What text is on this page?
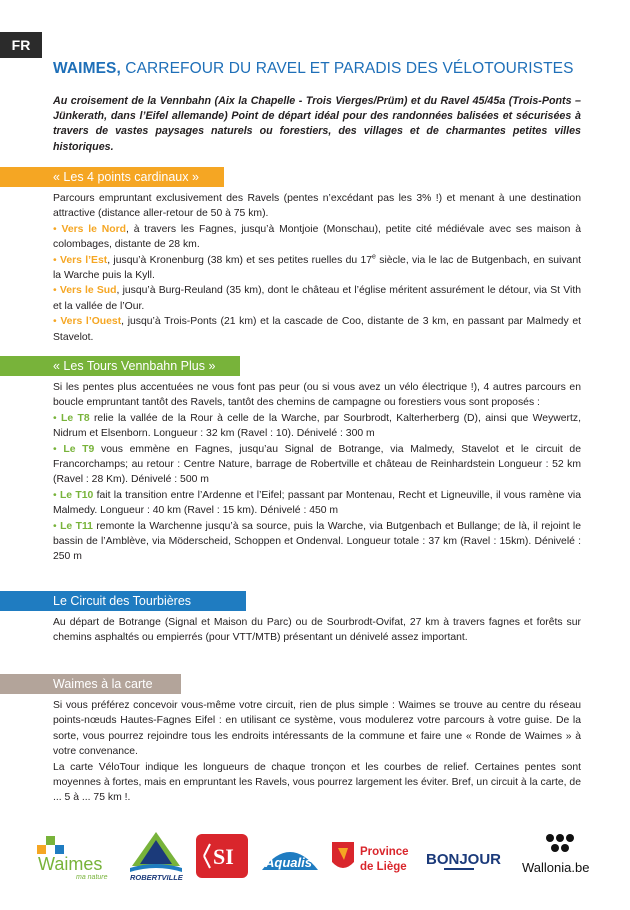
FR
WAIMES, CARREFOUR DU RAVEL ET PARADIS DES VÉLOTOURISTES
Au croisement de la Vennbahn (Aix la Chapelle - Trois Vierges/Prüm) et du Ravel 45/45a (Trois-Ponts – Jünkerath, dans l’Eifel allemande) Point de départ idéal pour des randonnées balisées et sécurisées à travers de vastes paysages naturels ou forestiers, des villages et de charmantes petites villes historiques.
« Les 4 points cardinaux »

Parcours empruntant exclusivement des Ravels (pentes n’excédant pas les 3% !) et menant à une destination attractive (distance aller-retour de 50 à 75 km).

• Vers le Nord, à travers les Fagnes, jusqu’à Montjoie (Monschau), petite cité médiévale avec ses maison à colombages, distante de 28 km.

• Vers l’Est, jusqu’à Kronenburg (38 km) et ses petites ruelles du 17e siècle, via le lac de Butgenbach, en suivant la Warche puis la Kyll.

• Vers le Sud, jusqu’à Burg-Reuland (35 km), dont le château et l’église méritent assurément le détour, via St Vith et la vallée de l’Our.

• Vers l’Ouest, jusqu’à Trois-Ponts (21 km) et la cascade de Coo, distante de 3 km, en passant par Malmedy et Stavelot.

« Les Tours Vennbahn Plus »

Si les pentes plus accentuées ne vous font pas peur (ou si vous avez un vélo électrique !), 4 autres parcours en boucle empruntant tantôt des Ravels, tantôt des chemins de campagne ou forestiers vous sont proposés :

• Le T8 relie la vallée de la Rour à celle de la Warche, par Sourbrodt, Kalterherberg (D), ainsi que Weywertz, Nidrum et Elsenborn. Longueur : 32 km (Ravel : 10). Dénivelé : 300 m

• Le T9 vous emmène en Fagnes, jusqu’au Signal de Botrange, via Malmedy, Stavelot et le circuit de Francorchamps; au retour : Centre Nature, barrage de Robertville et château de Reinhardstein Longueur : 52 km (Ravel : 28 Km). Dénivelé : 500 m

• Le T10 fait la transition entre l’Ardenne et l’Eifel; passant par Montenau, Recht et Ligneuville, il vous ramène via Malmedy. Longueur : 40 km (Ravel : 15 km). Dénivelé : 450 m

• Le T11 remonte la Warchenne jusqu’à sa source, puis la Warche, via Butgenbach et Bullange; de là, il rejoint le bassin de l’Amblève, via Möderscheid, Schoppen et Ondenval. Longueur totale : 37 km (Ravel : 15km). Dénivelé : 250 m

Le Circuit des Tourbières

Au départ de Botrange (Signal et Maison du Parc) ou de Sourbrodt-Ovifat, 27 km à travers fagnes et forêts sur chemins asphaltés ou empierrés (pour VTT/MTB) présentant un dénivelé assez important.

Waimes à la carte

Si vous préférez concevoir vous-même votre circuit, rien de plus simple : Waimes se trouve au centre du réseau points-nœuds Hautes-Fagnes Eifel : en utilisant ce système, vous modulerez votre parcours à votre guise. De la sorte, vous pourrez rejoindre tous les endroits intéressants de la commune et faire une « Ronde de Waimes » à votre convenance.

La carte VéloTour indique les longueurs de chaque tronçon et les courbes de relief. Certaines pentes sont moyennes à fortes, mais en empruntant les Ravels, vous pourrez largement les éviter. Bref, un circuit à la carte, de ... 5 à ... 75 km !.

Waimes
ma nature	ROBERTVILLE
SI Aqualis
Province
de Liège BONJOUR Wallonia.be
